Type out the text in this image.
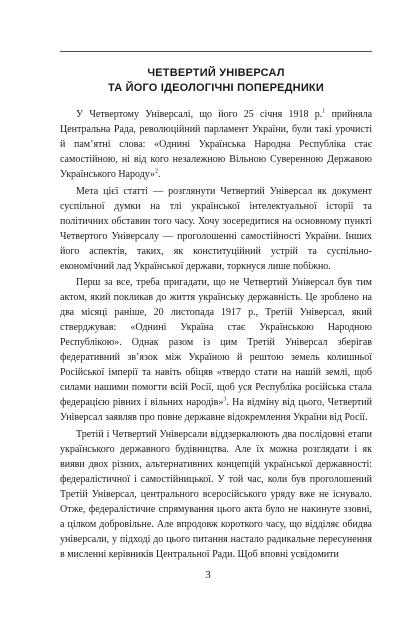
ЧЕТВЕРТИЙ УНІВЕРСАЛ
ТА ЙОГО ІДЕОЛОГІЧНІ ПОПЕРЕДНИКИ

У Четвертому Універсалі, що його 25 січня 1918 р.$^1$ прийняла Центральна Рада, революційний парламент України, були такі урочисті й пам’ятні слова: «Однині Українська Народна Республіка стає самостійною, ні від кого незалежною Вільною Суверенною Державою Українського Народу»$^2$.

Мета цієї статті — розглянути Четвертий Універсал як документ суспільної думки на тлі української інтелектуальної історії та політичних обставин того часу. Хочу зосередитися на основному пункті Четвертого Універсалу — проголошенні самостійності України. Інших його аспектів, таких, як конституційний устрій та суспільно-економічний лад Української держави, торкнуся лише побіжно.

Перш за все, треба пригадати, що не Четвертий Універсал був тим актом, який покликав до життя українську державність. Це зроблено на два місяці раніше, 20 листопада 1917 р., Третій Універсал, який стверджував: «Однині Україна стає Українською Народною Республікою». Однак разом із цим Третій Універсал зберігав федеративний зв’язок між Україною й рештою земель колишньої Російської імперії та навіть обіцяв «твердо стати на нашій землі, щоб силами нашими помогти всій Росії, щоб уся Республіка російська стала федерацією рівних і вільних народів»$^3$. На відміну від цього, Четвертий Універсал заявляв про повне державне відокремлення України від Росії.

Третій і Четвертий Універсали віддзеркалюють два послідовні етапи українського державного будівництва. Але їх можна розглядати і як вияви двох різних, альтернативних концепцій української державності: федералістичної і самостійницької. У той час, коли був проголошений Третій Універсал, центрального всеросійського уряду вже не існувало. Отже, федералістичне спрямування цього акта було не накинуте ззовні, а цілком добровільне. Але впродовж короткого часу, що відділяє обидва універсали, у підході до цього питання настало радикальне пересунення в мисленні керівників Центральної Ради. Щоб вповні усвідомити

3
